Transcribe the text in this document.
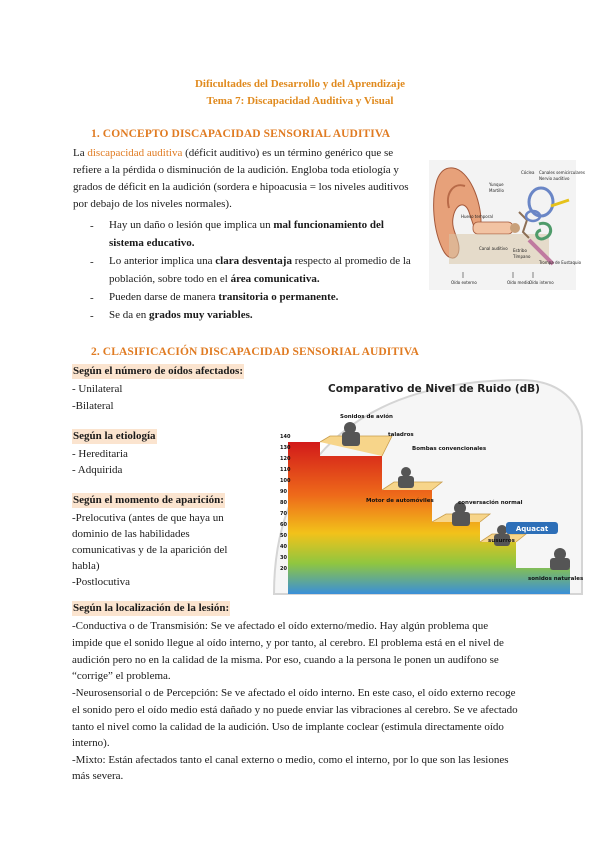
Dificultades del Desarrollo y del Aprendizaje
Tema 7: Discapacidad Auditiva y Visual
1. CONCEPTO DISCAPACIDAD SENSORIAL AUDITIVA
La discapacidad auditiva (déficit auditivo) es un término genérico que se
refiere a la pérdida o disminución de la audición. Engloba toda etiología y
grados de déficit en la audición (sordera e hipoacusia = los niveles auditivos
por debajo de los niveles normales).
- Hay un daño o lesión que implica un mal funcionamiento del
sistema educativo.
- Lo anterior implica una clara desventaja respecto al promedio de la
población, sobre todo en el área comunicativa.
- Pueden darse de manera transitoria o permanente.
- Se da en grados muy variables.
Canales semicirculares
Nervio auditivo
Cóclea
Yunque
Martillo
Estribo
Tímpano
Canal auditivo
Trompa de Eustaquio
Oído externo	Oído medio Oído interno
Hueso temporal
2. CLASIFICACIÓN DISCAPACIDAD SENSORIAL AUDITIVA
Según el número de oídos afectados:
- Unilateral
-Bilateral
Según la etiología
- Hereditaria
- Adquirida
Según el momento de aparición:
-Prelocutiva (antes de que haya un
dominio de las habilidades
comunicativas y de la aparición del
habla)
-Postlocutiva
Aquacat
Comparativo de Nivel de Ruido (dB)
140
130
120
110
100
90
80
70
60
50
40
30
20
Sonidos de avión
taladros
Bombas convencionales
Motor de automóviles	conversación normal
susurros
sonidos naturales
Según la localización de la lesión:
-Conductiva o de Transmisión: Se ve afectado el oído externo/medio. Hay algún problema que
impide que el sonido llegue al oído interno, y por tanto, al cerebro. El problema está en el nivel de
audición pero no en la calidad de la misma. Por eso, cuando a la persona le ponen un audífono se
“corrige” el problema.
-Neurosensorial o de Percepción: Se ve afectado el oído interno. En este caso, el oído externo recoge
el sonido pero el oído medio está dañado y no puede enviar las vibraciones al cerebro. Se ve afectado
tanto el nivel como la calidad de la audición. Uso de implante coclear (estimula directamente oído
interno).
-Mixto: Están afectados tanto el canal externo o medio, como el interno, por lo que son las lesiones
más severa.
